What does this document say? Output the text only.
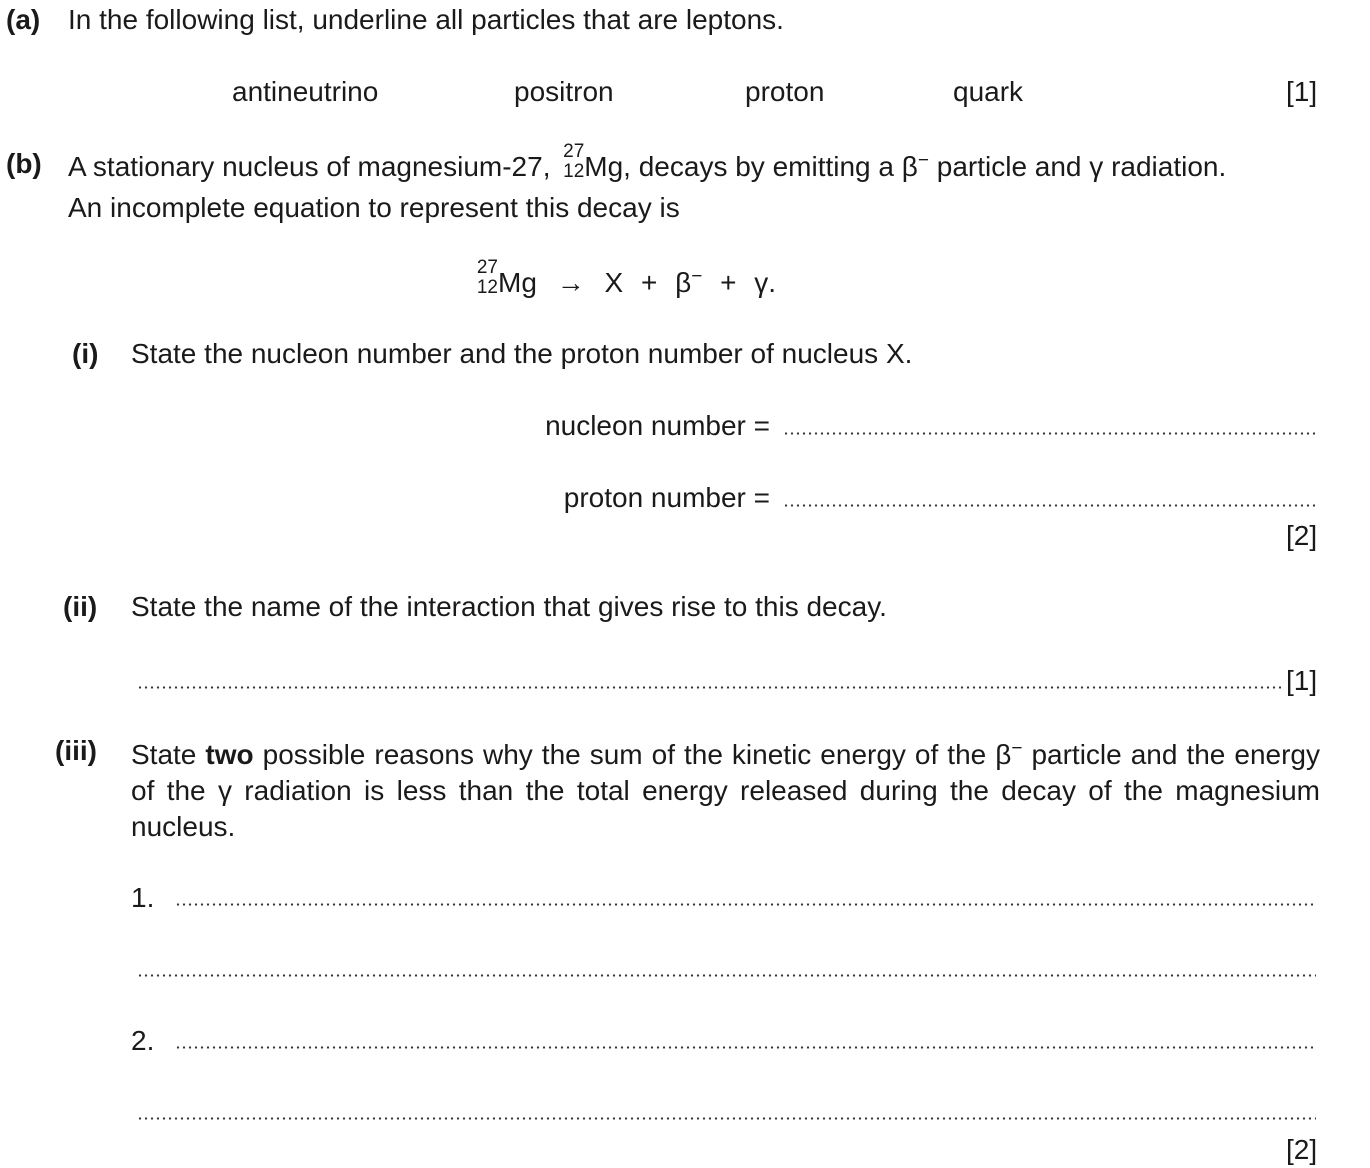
(a) In the following list, underline all particles that are leptons.
antineutrino	positron	proton	quark	[1]
(b) A stationary nucleus of magnesium-27, 27
12 Mg, decays by emitting a β− particle and γ radiation.
An incomplete equation to represent this decay is
27
12 Mg → X + β− + γ.
(i) State the nucleon number and the proton number of nucleus X.
nucleon number =
proton number =
[2]
(ii) State the name of the interaction that gives rise to this decay.
[1]
(iii) State two possible reasons why the sum of the kinetic energy of the β− particle and the energy of the γ radiation is less than the total energy released during the decay of the magnesium nucleus.
1.
2.
[2]
